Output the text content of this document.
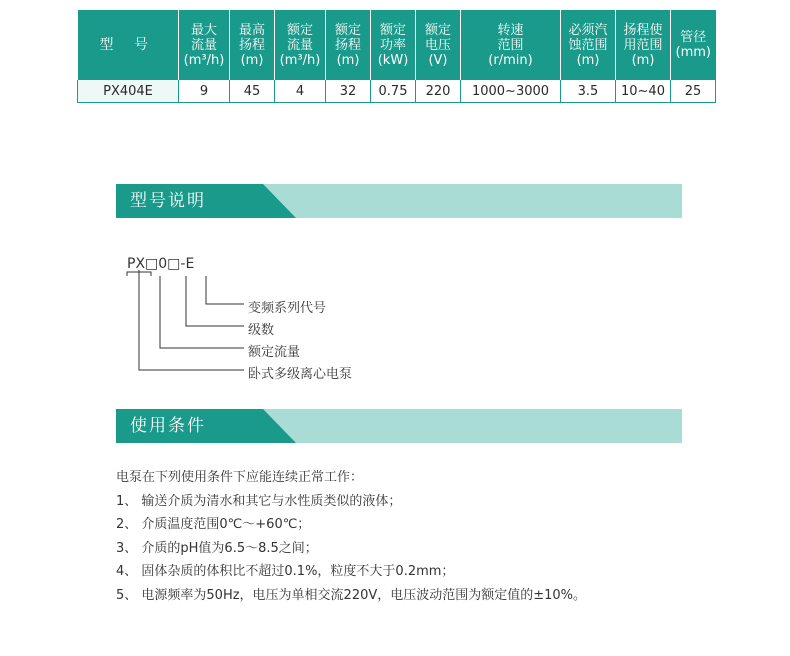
型 号	最大
流量
(m³/h)	最高
扬程
(m)	额定
流量
(m³/h)	额定
扬程
(m)	额定
功率
(kW)	额定
电压
(V)	转速
范围
(r/min)	必须汽
蚀范围
(m)	扬程使
用范围
(m)	管径
(mm)

PX404E	9	45	4	32	0.75	220	1000~3000	3.5	10~40	25
型号说明
PX□0□-E
变频系列代号
级数
额定流量
卧式多级离心电泵
使用条件
电泵在下列使用条件下应能连续正常工作：
1、 输送介质为清水和其它与水性质类似的液体；
2、 介质温度范围0℃～+60℃；
3、 介质的pH值为6.5～8.5之间；
4、 固体杂质的体积比不超过0.1%，粒度不大于0.2mm；
5、 电源频率为50Hz，电压为单相交流220V，电压波动范围为额定值的±10%。
